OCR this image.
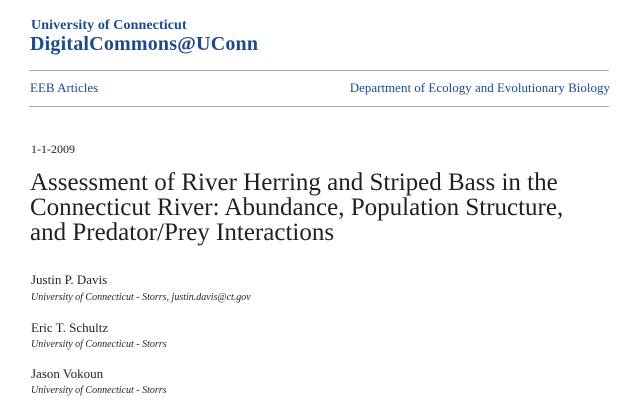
University of Connecticut
DigitalCommons@UConn
EEB Articles	Department of Ecology and Evolutionary Biology
1-1-2009
Assessment of River Herring and Striped Bass in the Connecticut River: Abundance, Population Structure, and Predator/Prey Interactions
Justin P. Davis
University of Connecticut - Storrs, justin.davis@ct.gov
Eric T. Schultz
University of Connecticut - Storrs
Jason Vokoun
University of Connecticut - Storrs
